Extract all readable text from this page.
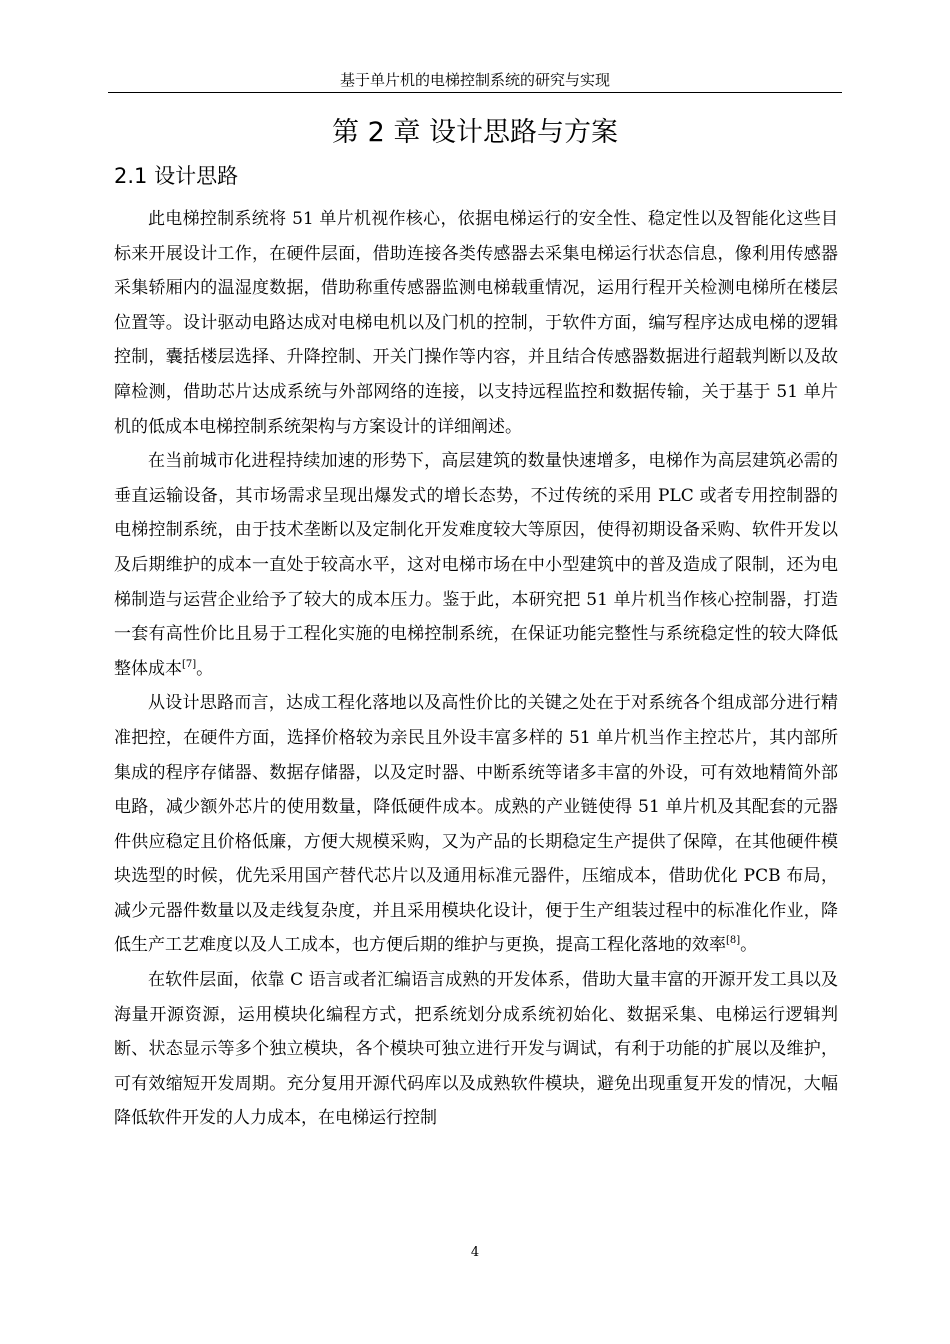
基于单片机的电梯控制系统的研究与实现
第 2 章 设计思路与方案
2.1 设计思路

此电梯控制系统将 51 单片机视作核心，依据电梯运行的安全性、稳定性以及智能化这些目标来开展设计工作，在硬件层面，借助连接各类传感器去采集电梯运行状态信息，像利用传感器采集轿厢内的温湿度数据，借助称重传感器监测电梯载重情况，运用行程开关检测电梯所在楼层位置等。设计驱动电路达成对电梯电机以及门机的控制，于软件方面，编写程序达成电梯的逻辑控制，囊括楼层选择、升降控制、开关门操作等内容，并且结合传感器数据进行超载判断以及故障检测，借助芯片达成系统与外部网络的连接，以支持远程监控和数据传输，关于基于 51 单片机的低成本电梯控制系统架构与方案设计的详细阐述。

在当前城市化进程持续加速的形势下，高层建筑的数量快速增多，电梯作为高层建筑必需的垂直运输设备，其市场需求呈现出爆发式的增长态势，不过传统的采用 PLC 或者专用控制器的电梯控制系统，由于技术垄断以及定制化开发难度较大等原因，使得初期设备采购、软件开发以及后期维护的成本一直处于较高水平，这对电梯市场在中小型建筑中的普及造成了限制，还为电梯制造与运营企业给予了较大的成本压力。鉴于此，本研究把 51 单片机当作核心控制器，打造一套有高性价比且易于工程化实施的电梯控制系统，在保证功能完整性与系统稳定性的较大降低整体成本[7]。

从设计思路而言，达成工程化落地以及高性价比的关键之处在于对系统各个组成部分进行精准把控，在硬件方面，选择价格较为亲民且外设丰富多样的 51 单片机当作主控芯片，其内部所集成的程序存储器、数据存储器，以及定时器、中断系统等诸多丰富的外设，可有效地精简外部电路，减少额外芯片的使用数量，降低硬件成本。成熟的产业链使得 51 单片机及其配套的元器件供应稳定且价格低廉，方便大规模采购，又为产品的长期稳定生产提供了保障，在其他硬件模块选型的时候，优先采用国产替代芯片以及通用标准元器件，压缩成本，借助优化 PCB 布局，减少元器件数量以及走线复杂度，并且采用模块化设计，便于生产组装过程中的标准化作业，降低生产工艺难度以及人工成本，也方便后期的维护与更换，提高工程化落地的效率[8]。

在软件层面，依靠 C 语言或者汇编语言成熟的开发体系，借助大量丰富的开源开发工具以及海量开源资源，运用模块化编程方式，把系统划分成系统初始化、数据采集、电梯运行逻辑判断、状态显示等多个独立模块，各个模块可独立进行开发与调试，有利于功能的扩展以及维护，可有效缩短开发周期。充分复用开源代码库以及成熟软件模块，避免出现重复开发的情况，大幅降低软件开发的人力成本，在电梯运行控制

4
